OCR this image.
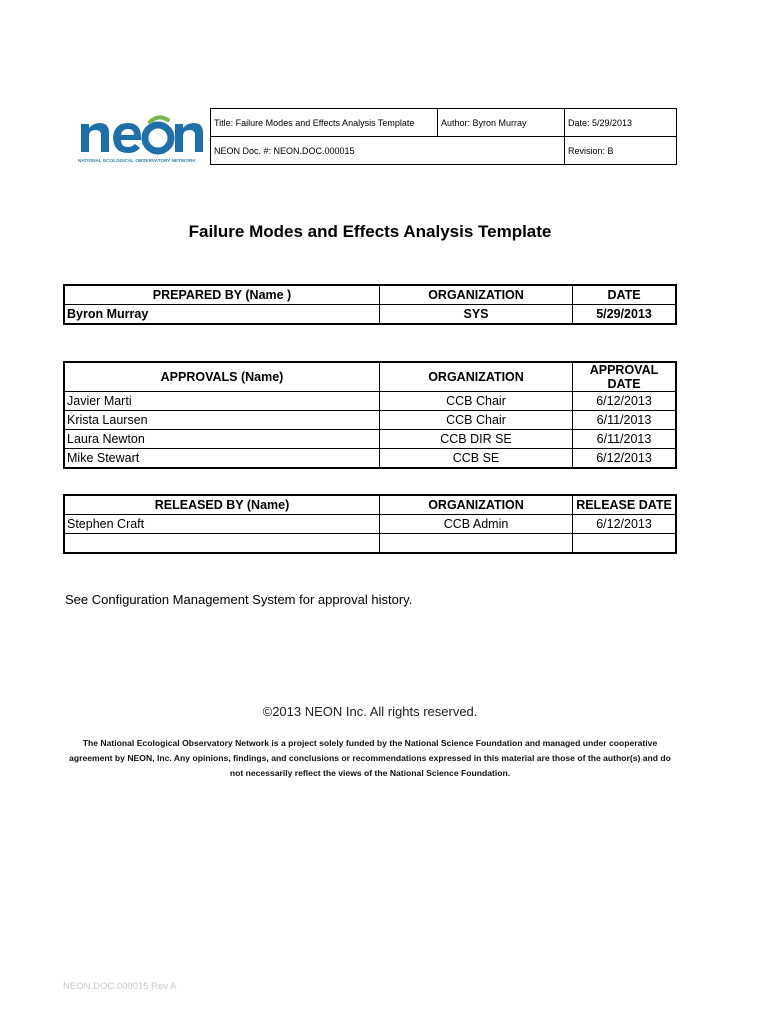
NATIONAL ECOLOGICAL OBSERVATORY NETWORK
Title: Failure Modes and Effects Analysis Template	Author: Byron Murray	Date: 5/29/2013
NEON Doc. #: NEON.DOC.000015		Revision: B
Failure Modes and Effects Analysis Template
PREPARED BY (Name )	ORGANIZATION	DATE
Byron Murray	SYS	5/29/2013
APPROVALS (Name)	ORGANIZATION	APPROVAL DATE
Javier Marti	CCB Chair	6/12/2013
Krista Laursen	CCB Chair	6/11/2013
Laura Newton	CCB DIR SE	6/11/2013
Mike Stewart	CCB SE	6/12/2013
RELEASED BY (Name)	ORGANIZATION	RELEASE DATE
Stephen Craft	CCB Admin	6/12/2013

See Configuration Management System for approval history.
©2013 NEON Inc. All rights reserved.
The National Ecological Observatory Network is a project solely funded by the National Science Foundation and managed under cooperative
agreement by NEON, Inc. Any opinions, findings, and conclusions or recommendations expressed in this material are those of the author(s) and do
not necessarily reflect the views of the National Science Foundation.
NEON.DOC.000015 Rev A
